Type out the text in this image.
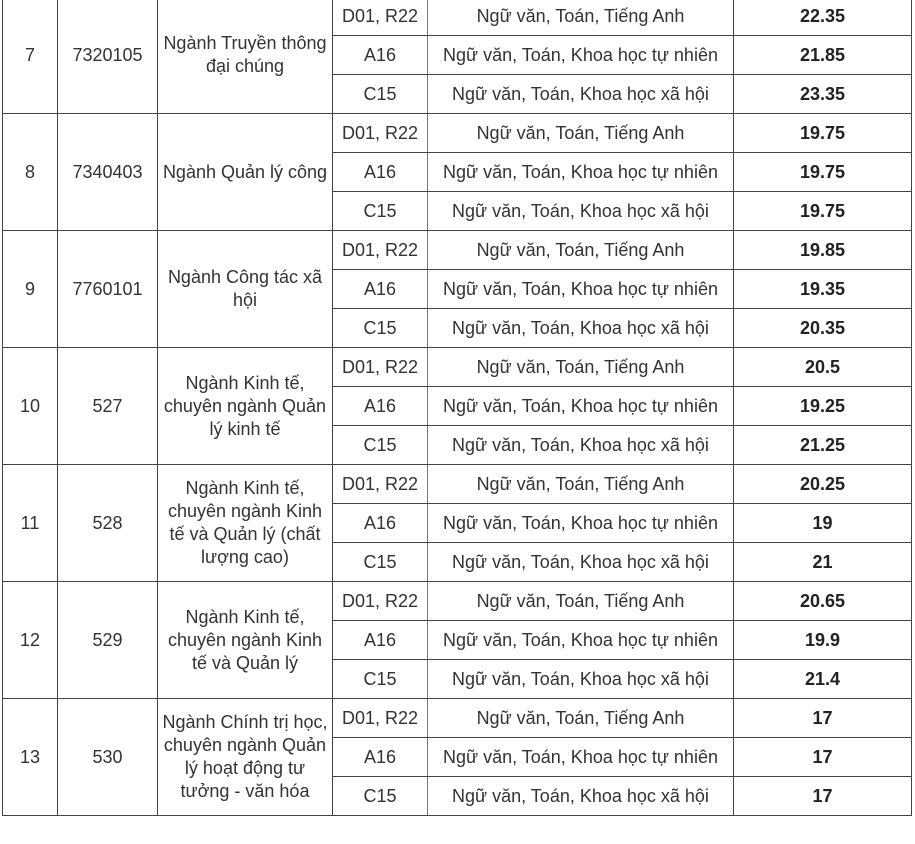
7	7320105	Ngành Truyền thông đại chúng	D01, R22	Ngữ văn, Toán, Tiếng Anh	22.35
			A16	Ngữ văn, Toán, Khoa học tự nhiên	21.85
			C15	Ngữ văn, Toán, Khoa học xã hội	23.35
8	7340403	Ngành Quản lý công	D01, R22	Ngữ văn, Toán, Tiếng Anh	19.75
			A16	Ngữ văn, Toán, Khoa học tự nhiên	19.75
			C15	Ngữ văn, Toán, Khoa học xã hội	19.75
9	7760101	Ngành Công tác xã hội	D01, R22	Ngữ văn, Toán, Tiếng Anh	19.85
			A16	Ngữ văn, Toán, Khoa học tự nhiên	19.35
			C15	Ngữ văn, Toán, Khoa học xã hội	20.35
10	527	Ngành Kinh tế, chuyên ngành Quản lý kinh tế	D01, R22	Ngữ văn, Toán, Tiếng Anh	20.5
			A16	Ngữ văn, Toán, Khoa học tự nhiên	19.25
			C15	Ngữ văn, Toán, Khoa học xã hội	21.25
11	528	Ngành Kinh tế, chuyên ngành Kinh tế và Quản lý (chất lượng cao)	D01, R22	Ngữ văn, Toán, Tiếng Anh	20.25
			A16	Ngữ văn, Toán, Khoa học tự nhiên	19
			C15	Ngữ văn, Toán, Khoa học xã hội	21
12	529	Ngành Kinh tế, chuyên ngành Kinh tế và Quản lý	D01, R22	Ngữ văn, Toán, Tiếng Anh	20.65
			A16	Ngữ văn, Toán, Khoa học tự nhiên	19.9
			C15	Ngữ văn, Toán, Khoa học xã hội	21.4
13	530	Ngành Chính trị học, chuyên ngành Quản lý hoạt động tư tưởng - văn hóa	D01, R22	Ngữ văn, Toán, Tiếng Anh	17
			A16	Ngữ văn, Toán, Khoa học tự nhiên	17
			C15	Ngữ văn, Toán, Khoa học xã hội	17
